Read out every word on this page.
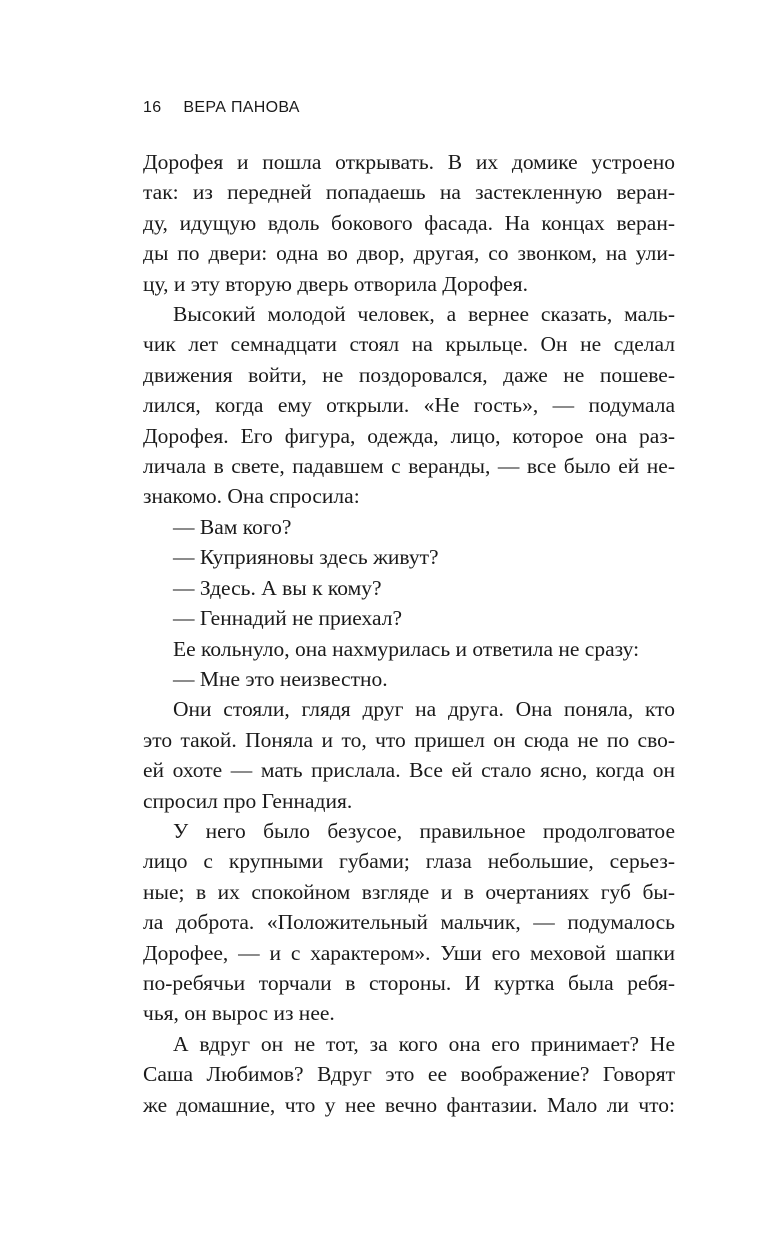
16 ВЕРА ПАНОВА

Дорофея и пошла открывать. В их домике устроено

так: из передней попадаешь на застекленную веран-

ду, идущую вдоль бокового фасада. На концах веран-

ды по двери: одна во двор, другая, со звонком, на ули-

цу, и эту вторую дверь отворила Дорофея.

Высокий молодой человек, а вернее сказать, маль-

чик лет семнадцати стоял на крыльце. Он не сделал

движения войти, не поздоровался, даже не пошеве-

лился, когда ему открыли. «Не гость», — подумала

Дорофея. Его фигура, одежда, лицо, которое она раз-

личала в свете, падавшем с веранды, — все было ей не-

знакомо. Она спросила:

— Вам кого?

— Куприяновы здесь живут?

— Здесь. А вы к кому?

— Геннадий не приехал?

Ее кольнуло, она нахмурилась и ответила не сразу:

— Мне это неизвестно.

Они стояли, глядя друг на друга. Она поняла, кто

это такой. Поняла и то, что пришел он сюда не по сво-

ей охоте — мать прислала. Все ей стало ясно, когда он

спросил про Геннадия.

У него было безусое, правильное продолговатое

лицо с крупными губами; глаза небольшие, серьез-

ные; в их спокойном взгляде и в очертаниях губ бы-

ла доброта. «Положительный мальчик, — подумалось

Дорофее, — и с характером». Уши его меховой шапки

по-ребячьи торчали в стороны. И куртка была ребя-

чья, он вырос из нее.

А вдруг он не тот, за кого она его принимает? Не

Саша Любимов? Вдруг это ее воображение? Говорят

же домашние, что у нее вечно фантазии. Мало ли что:
